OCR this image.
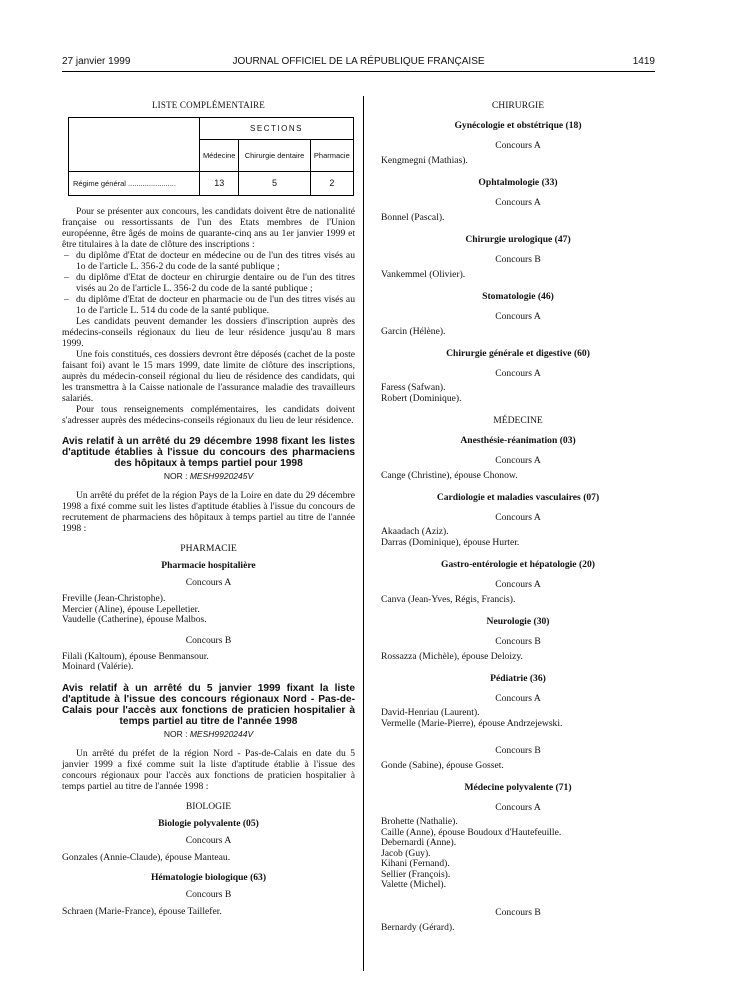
27 janvier 1999	JOURNAL OFFICIEL DE LA RÉPUBLIQUE FRANÇAISE	1419
LISTE COMPLÉMENTAIRE
	SECTIONS		
	Médecine	Chirurgie dentaire	Pharmacie
Régime général .......................	13	5	2

Pour se présenter aux concours, les candidats doivent être de nationalité française ou ressortissants de l'un des Etats membres de l'Union européenne, être âgés de moins de quarante-cinq ans au 1er janvier 1999 et être titulaires à la date de clôture des inscriptions :

– du diplôme d'Etat de docteur en médecine ou de l'un des titres visés au 1o de l'article L. 356-2 du code de la santé publique ;
– du diplôme d'Etat de docteur en chirurgie dentaire ou de l'un des titres visés au 2o de l'article L. 356-2 du code de la santé publique ;
– du diplôme d'Etat de docteur en pharmacie ou de l'un des titres visés au 1o de l'article L. 514 du code de la santé publique.

Les candidats peuvent demander les dossiers d'inscription auprès des médecins-conseils régionaux du lieu de leur résidence jusqu'au 8 mars 1999.

Une fois constitués, ces dossiers devront être déposés (cachet de la poste faisant foi) avant le 15 mars 1999, date limite de clôture des inscriptions, auprès du médecin-conseil régional du lieu de résidence des candidats, qui les transmettra à la Caisse nationale de l'assurance maladie des travailleurs salariés.

Pour tous renseignements complémentaires, les candidats doivent s'adresser auprès des médecins-conseils régionaux du lieu de leur résidence.

Avis relatif à un arrêté du 29 décembre 1998 fixant les listes d'aptitude établies à l'issue du concours des pharmaciens des hôpitaux à temps partiel pour 1998
NOR : MESH9920245V

Un arrêté du préfet de la région Pays de la Loire en date du 29 décembre 1998 a fixé comme suit les listes d'aptitude établies à l'issue du concours de recrutement de pharmaciens des hôpitaux à temps partiel au titre de l'année 1998 :

PHARMACIE
Pharmacie hospitalière
Concours A
Freville (Jean-Christophe).
Mercier (Aline), épouse Lepelletier.
Vaudelle (Catherine), épouse Malbos.
Concours B
Filali (Kaltoum), épouse Benmansour.
Moinard (Valérie).
Avis relatif à un arrêté du 5 janvier 1999 fixant la liste d'aptitude à l'issue des concours régionaux Nord - Pas-de-Calais pour l'accès aux fonctions de praticien hospitalier à temps partiel au titre de l'année 1998
NOR : MESH9920244V

Un arrêté du préfet de la région Nord - Pas-de-Calais en date du 5 janvier 1999 a fixé comme suit la liste d'aptitude établie à l'issue des concours régionaux pour l'accès aux fonctions de praticien hospitalier à temps partiel au titre de l'année 1998 :

BIOLOGIE
Biologie polyvalente (05)
Concours A
Gonzales (Annie-Claude), épouse Manteau.
Hématologie biologique (63)
Concours B
Schraen (Marie-France), épouse Taillefer.
CHIRURGIE
Gynécologie et obstétrique (18)
Concours A
Kengmegni (Mathias).
Ophtalmologie (33)
Concours A
Bonnel (Pascal).
Chirurgie urologique (47)
Concours B
Vankemmel (Olivier).
Stomatologie (46)
Concours A
Garcin (Hélène).
Chirurgie générale et digestive (60)
Concours A
Faress (Safwan).
Robert (Dominique).
MÉDECINE
Anesthésie-réanimation (03)
Concours A
Cange (Christine), épouse Chonow.
Cardiologie et maladies vasculaires (07)
Concours A
Akaadach (Aziz).
Darras (Dominique), épouse Hurter.
Gastro-entérologie et hépatologie (20)
Concours A
Canva (Jean-Yves, Régis, Francis).
Neurologie (30)
Concours B
Rossazza (Michèle), épouse Deloizy.
Pédiatrie (36)
Concours A
David-Henriau (Laurent).
Vermelle (Marie-Pierre), épouse Andrzejewski.
Concours B
Gonde (Sabine), épouse Gosset.
Médecine polyvalente (71)
Concours A
Brohette (Nathalie).
Caille (Anne), épouse Boudoux d'Hautefeuille.
Debernardi (Anne).
Jacob (Guy).
Kihani (Fernand).
Sellier (François).
Valette (Michel).
Concours B
Bernardy (Gérard).
